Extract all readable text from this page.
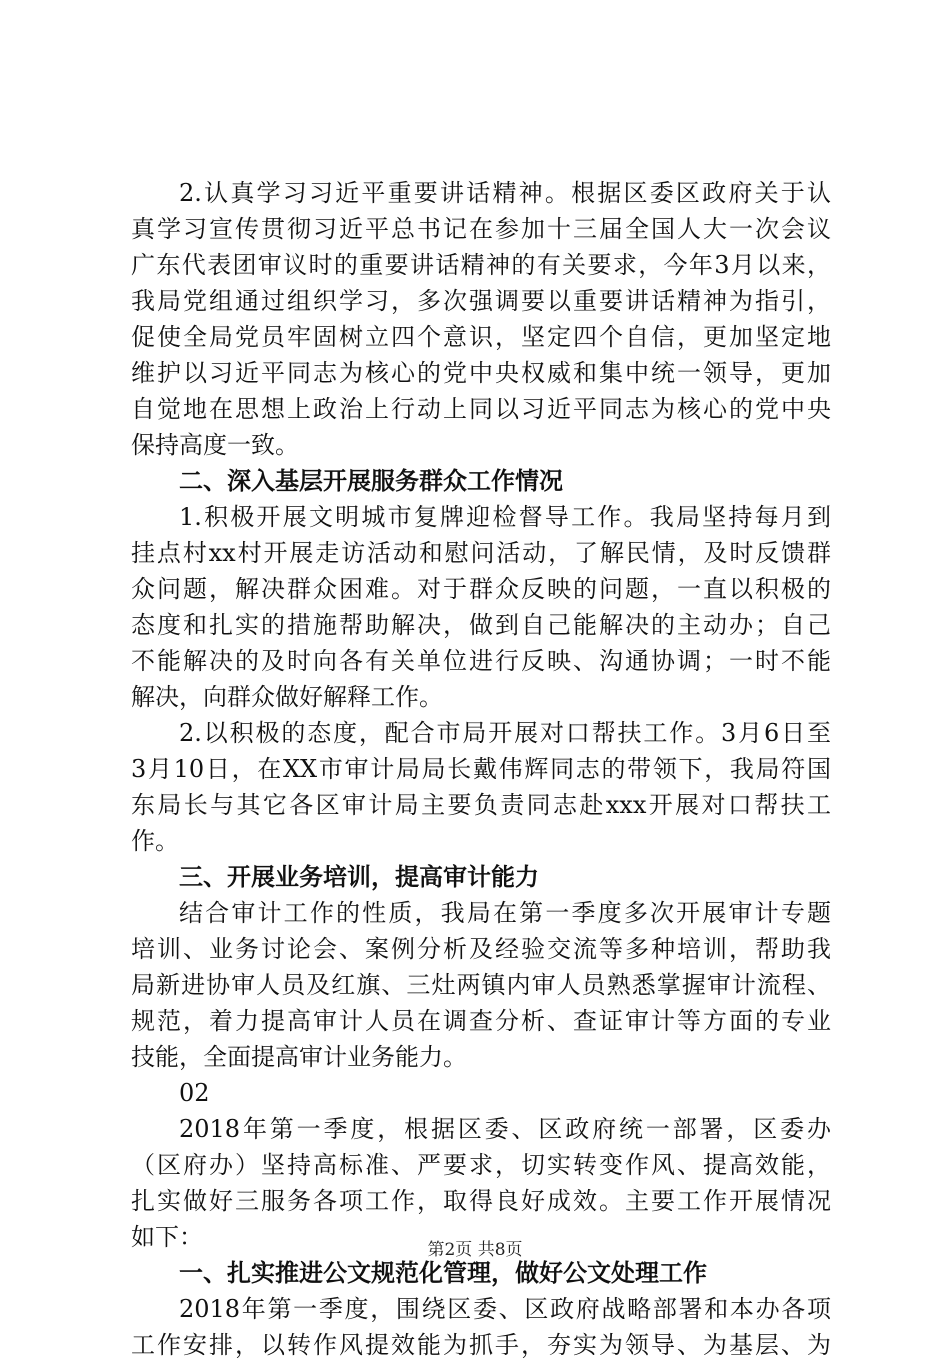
2.认真学习习近平重要讲话精神。根据区委区政府关于认
真学习宣传贯彻习近平总书记在参加十三届全国人大一次会议
广东代表团审议时的重要讲话精神的有关要求，今年3月以来，
我局党组通过组织学习，多次强调要以重要讲话精神为指引，
促使全局党员牢固树立四个意识，坚定四个自信，更加坚定地
维护以习近平同志为核心的党中央权威和集中统一领导，更加
自觉地在思想上政治上行动上同以习近平同志为核心的党中央
保持高度一致。
二、深入基层开展服务群众工作情况
1.积极开展文明城市复牌迎检督导工作。我局坚持每月到
挂点村xx村开展走访活动和慰问活动，了解民情，及时反馈群
众问题，解决群众困难。对于群众反映的问题，一直以积极的
态度和扎实的措施帮助解决，做到自己能解决的主动办；自己
不能解决的及时向各有关单位进行反映、沟通协调；一时不能
解决，向群众做好解释工作。
2.以积极的态度，配合市局开展对口帮扶工作。3月6日至
3月10日，在XX市审计局局长戴伟辉同志的带领下，我局符国
东局长与其它各区审计局主要负责同志赴xxx开展对口帮扶工
作。
三、开展业务培训，提高审计能力
结合审计工作的性质，我局在第一季度多次开展审计专题
培训、业务讨论会、案例分析及经验交流等多种培训，帮助我
局新进协审人员及红旗、三灶两镇内审人员熟悉掌握审计流程、
规范，着力提高审计人员在调查分析、查证审计等方面的专业
技能，全面提高审计业务能力。
02
2018年第一季度，根据区委、区政府统一部署，区委办
（区府办）坚持高标准、严要求，切实转变作风、提高效能，
扎实做好三服务各项工作，取得良好成效。主要工作开展情况
如下：
一、扎实推进公文规范化管理，做好公文处理工作
2018年第一季度，围绕区委、区政府战略部署和本办各项
工作安排，以转作风提效能为抓手，夯实为领导、为基层、为
第2页 共8页
